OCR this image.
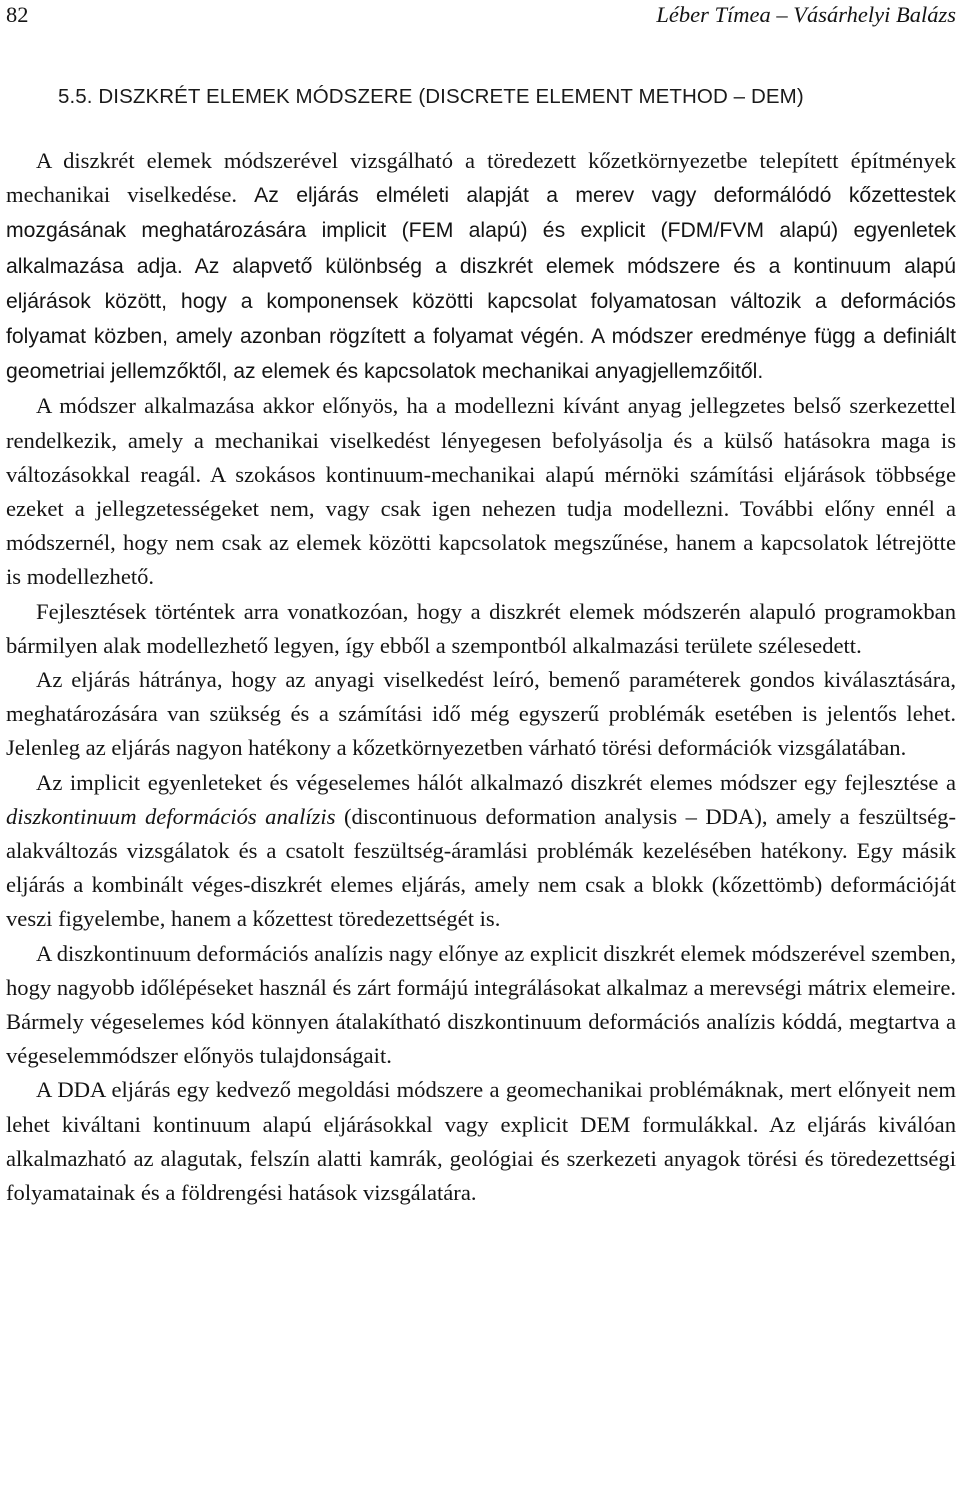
82	Léber Tímea – Vásárhelyi Balázs
5.5. DISZKRÉT ELEMEK MÓDSZERE (DISCRETE ELEMENT METHOD – DEM)

A diszkrét elemek módszerével vizsgálható a töredezett kőzetkörnyezetbe telepített építmények mechanikai viselkedése. Az eljárás elméleti alapját a merev vagy deformálódó kőzettestek mozgásának meghatározására implicit (FEM alapú) és explicit (FDM/FVM alapú) egyenletek alkalmazása adja. Az alapvető különbség a diszkrét elemek módszere és a kontinuum alapú eljárások között, hogy a komponensek közötti kapcsolat folyamatosan változik a deformációs folyamat közben, amely azonban rögzített a folyamat végén. A módszer eredménye függ a definiált geometriai jellemzőktől, az elemek és kapcsolatok mechanikai anyagjellemzőitől.

A módszer alkalmazása akkor előnyös, ha a modellezni kívánt anyag jellegzetes belső szerkezettel rendelkezik, amely a mechanikai viselkedést lényegesen befolyásolja és a külső hatásokra maga is változásokkal reagál. A szokásos kontinuum-mechanikai alapú mérnöki számítási eljárások többsége ezeket a jellegzetességeket nem, vagy csak igen nehezen tudja modellezni. További előny ennél a módszernél, hogy nem csak az elemek közötti kapcsolatok megszűnése, hanem a kapcsolatok létrejötte is modellezhető.

Fejlesztések történtek arra vonatkozóan, hogy a diszkrét elemek módszerén alapuló programokban bármilyen alak modellezhető legyen, így ebből a szempontból alkalmazási területe szélesedett.

Az eljárás hátránya, hogy az anyagi viselkedést leíró, bemenő paraméterek gondos kiválasztására, meghatározására van szükség és a számítási idő még egyszerű problémák esetében is jelentős lehet. Jelenleg az eljárás nagyon hatékony a kőzetkörnyezetben várható törési deformációk vizsgálatában.

Az implicit egyenleteket és végeselemes hálót alkalmazó diszkrét elemes módszer egy fejlesztése a diszkontinuum deformációs analízis (discontinuous deformation analysis – DDA), amely a feszültség-alakváltozás vizsgálatok és a csatolt feszültség-áramlási problémák kezelésében hatékony. Egy másik eljárás a kombinált véges-diszkrét elemes eljárás, amely nem csak a blokk (kőzettömb) deformációját veszi figyelembe, hanem a kőzettest töredezettségét is.

A diszkontinuum deformációs analízis nagy előnye az explicit diszkrét elemek módszerével szemben, hogy nagyobb időlépéseket használ és zárt formájú integrálásokat alkalmaz a merevségi mátrix elemeire. Bármely végeselemes kód könnyen átalakítható diszkontinuum deformációs analízis kóddá, megtartva a végeselemmódszer előnyös tulajdonságait.

A DDA eljárás egy kedvező megoldási módszere a geomechanikai problémáknak, mert előnyeit nem lehet kiváltani kontinuum alapú eljárásokkal vagy explicit DEM formulákkal. Az eljárás kiválóan alkalmazható az alagutak, felszín alatti kamrák, geológiai és szerkezeti anyagok törési és töredezettségi folyamatainak és a földrengési hatások vizsgálatára.
